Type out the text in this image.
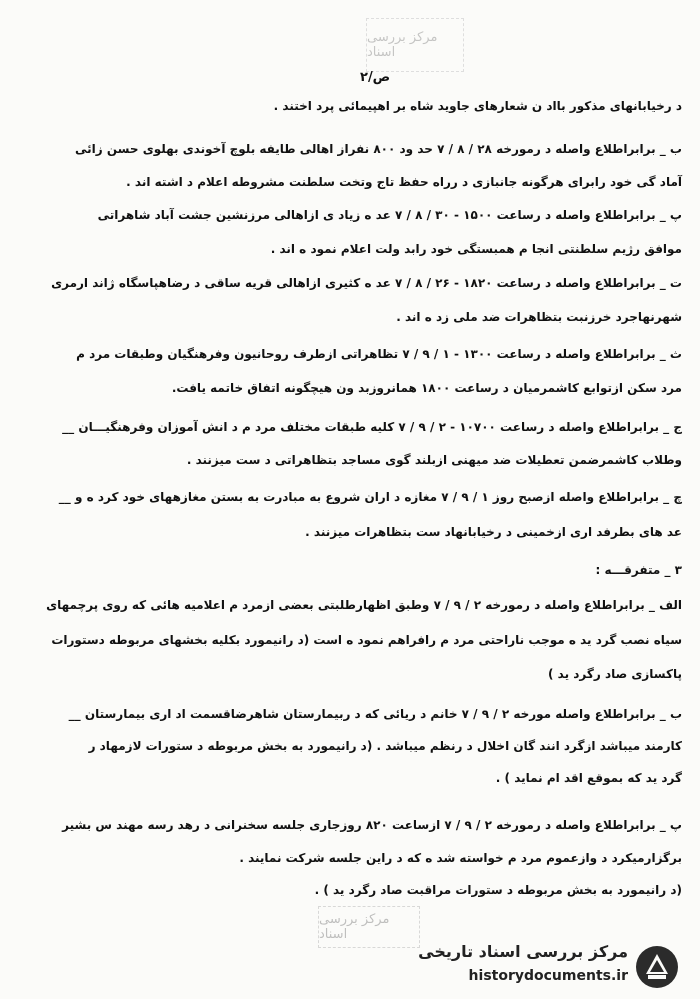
مرکز بررسی اسناد
ص/۲
د رخیابانهای مذکور بااد ن شعارهای جاوید شاه بر اهپیمائی پرد اختند .
ب _ برابراطلاع واصله د رمورخه ۲۸ / ۸ / ۷ حد ود ۸۰۰ نفراز اهالی طایفه بلوچ آخوندی بهلوی حسن زائی
آماد گی خود رابرای هرگونه جانبازی د رراه حفظ تاج وتخت سلطنت مشروطه اعلام د اشته اند .
پ _ برابراطلاع واصله د رساعت ۱۵۰۰ - ۳۰ / ۸ / ۷ عد ه زیاد ی ازاهالی مرزنشین جشت آباد شاهراتی
موافق رژیم سلطنتی انجا م همبستگی خود رابد ولت اعلام نمود ه اند .
ت _ برابراطلاع واصله د رساعت ۱۸۲۰ - ۲۶ / ۸ / ۷ عد ه کثیری ازاهالی قریه ساقی د رضاهپاسگاه ژاند ارمری
شهرنهاجرد خرزنبت بتظاهرات ضد ملی زد ه اند .
ث _ برابراطلاع واصله د رساعت ۱۳۰۰ - ۱ / ۹ / ۷ تظاهراتی ازطرف روحانیون وفرهنگیان وطبقات مرد م
مرد سکن ازتوابع کاشمرمیان د رساعت ۱۸۰۰ همانروزبد ون هیچگونه اتفاق خاتمه یافت.
ج _ برابراطلاع واصله د رساعت ۱۰۷۰۰ - ۲ / ۹ / ۷ کلیه طبقات مختلف مرد م د انش آموزان وفرهنگیـــان __
وطلاب کاشمرضمن تعطیلات ضد میهنی ازبلند گوی مساجد بتظاهراتی د ست میزنند .
چ _ برابراطلاع واصله ازصبح روز ۱ / ۹ / ۷ مغازه د اران شروع به مبادرت به بستن مغازههای خود کرد ه و __
عد های بطرفد اری ازخمینی د رخیابانهاد ست بتظاهرات میزنند .
۳ _ متفرقـــه :
الف _ برابراطلاع واصله د رمورخه ۲ / ۹ / ۷ وطبق اظهارطلبتی بعضی ازمرد م اعلامیه هائی که روی پرچمهای
سیاه نصب گرد ید ه موجب ناراحتی مرد م رافراهم نمود ه است (د رانیمورد بکلیه بخشهای مربوطه دستورات
پاکسازی صاد رگرد ید )
ب _ برابراطلاع واصله مورخه ۲ / ۹ / ۷ خانم د ریائی که د ربیمارستان شاهرضاقسمت اد اری بیمارستان __
کارمند میباشد ازگرد انند گان اخلال د رنظم میباشد . (د رانیمورد به بخش مربوطه د ستورات لازمهاد ر
گرد ید که بموقع اقد ام نماید ) .
پ _ برابراطلاع واصله د رمورخه ۲ / ۹ / ۷ ازساعت ۸۲۰ روزجاری جلسه سخنرانی د رهد رسه مهند س بشیر
برگزارمیکرد د وازعموم مرد م خواسته شد ه که د راین جلسه شرکت نمایند .
(د رانیمورد به بخش مربوطه د ستورات مراقبت صاد رگرد ید ) .
مرکز بررسی اسناد
مرکز بررسی اسناد تاریخی
historydocuments.ir
